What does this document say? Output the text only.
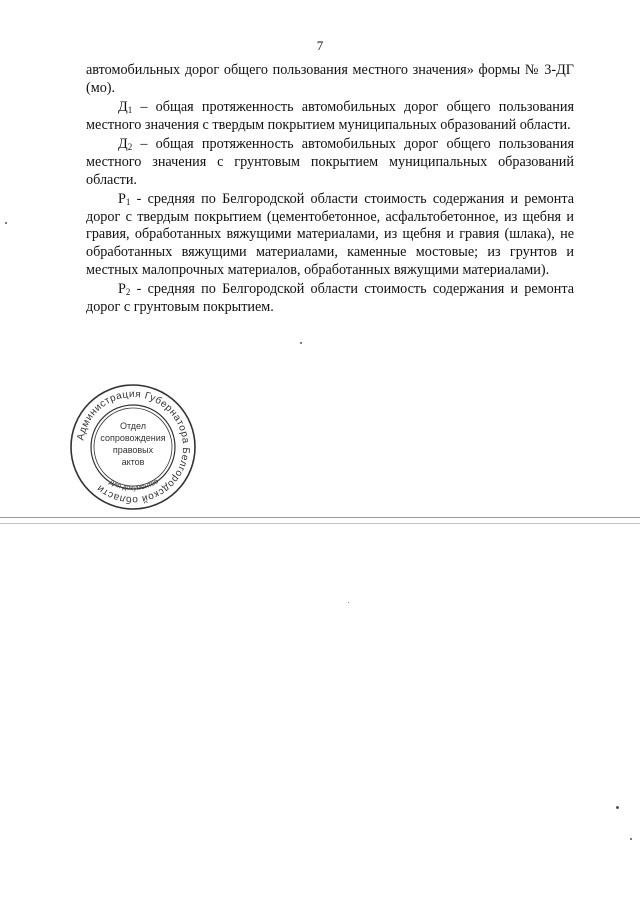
7

автомобильных дорог общего пользования местного значения» формы № 3-ДГ (мо).

$Д_1$ – общая протяженность автомобильных дорог общего пользования местного значения с твердым покрытием муниципальных образований области.

$Д_2$ – общая протяженность автомобильных дорог общего пользования местного значения с грунтовым покрытием муниципальных образований области.

$Р_1$ - средняя по Белгородской области стоимость содержания и ремонта дорог с твердым покрытием (цементобетонное, асфальтобетонное, из щебня и гравия, обработанных вяжущими материалами, из щебня и гравия (шлака), не обработанных вяжущими материалами, каменные мостовые; из грунтов и местных малопрочных материалов, обработанных вяжущими материалами).

$Р_2$ - средняя по Белгородской области стоимость содержания и ремонта дорог с грунтовым покрытием.

Администрация Губернатора Белгородской области Для документов
Отдел
сопровождения
правовых
актов
